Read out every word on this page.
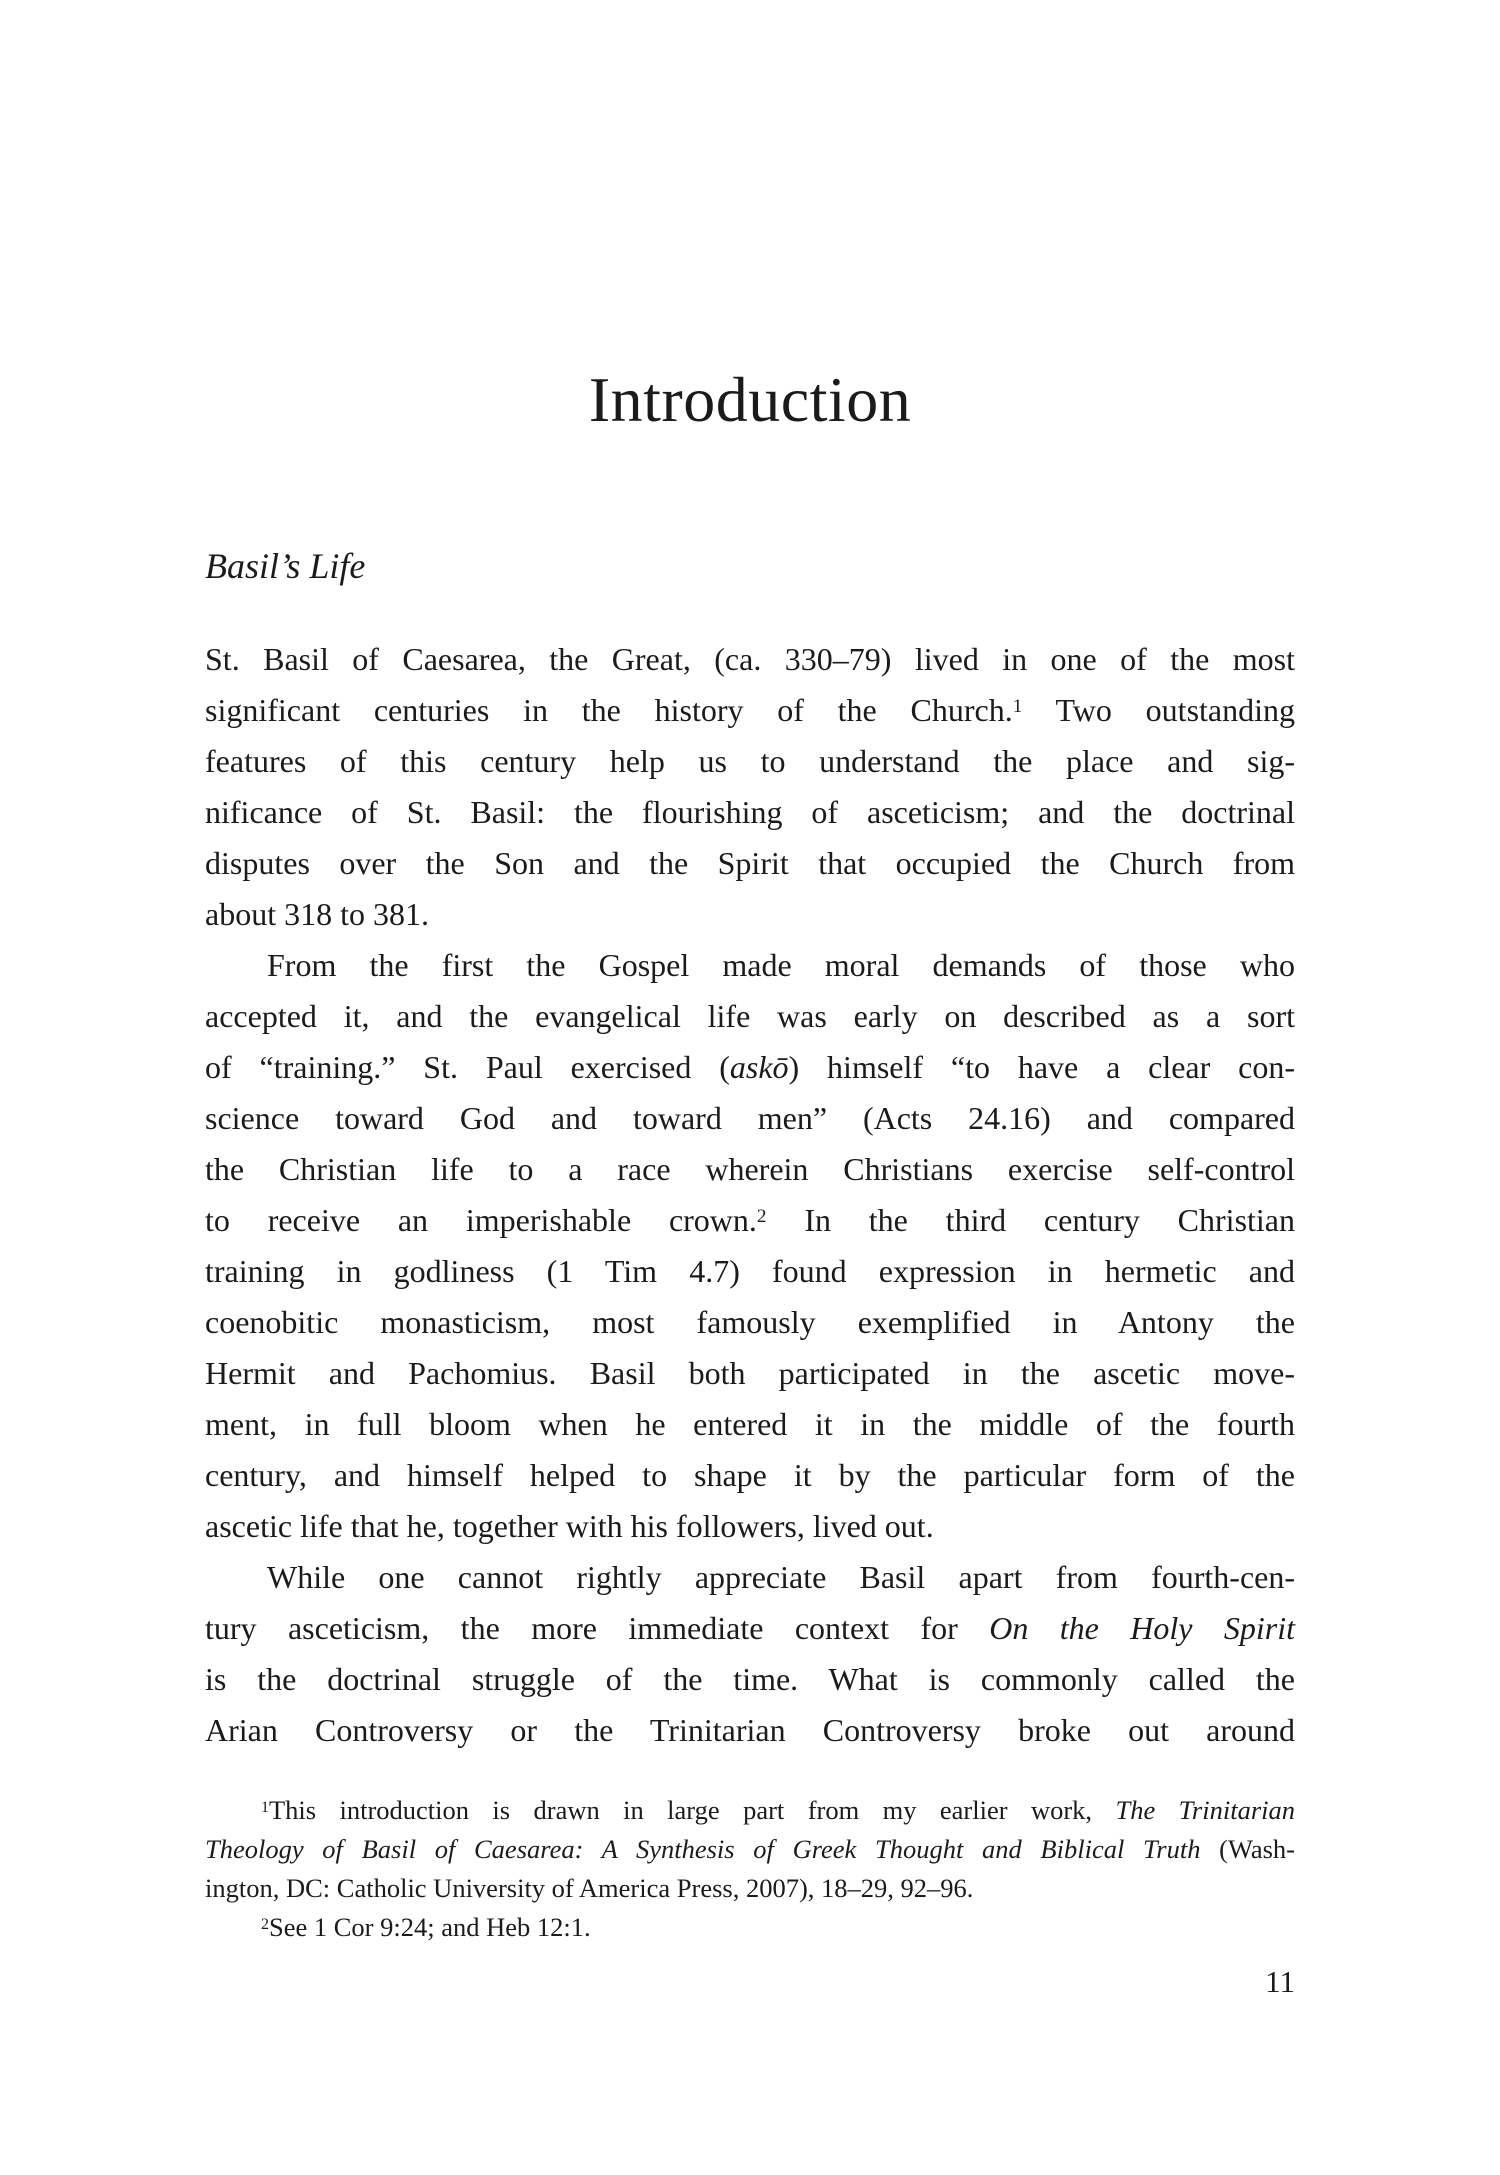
Introduction
Basil’s Life
St. Basil of Caesarea, the Great, (ca. 330–79) lived in one of the most
significant centuries in the history of the Church.$^1$ Two outstanding
features of this century help us to understand the place and sig-
nificance of St. Basil: the flourishing of asceticism; and the doctrinal
disputes over the Son and the Spirit that occupied the Church from
about 318 to 381.
From the first the Gospel made moral demands of those who
accepted it, and the evangelical life was early on described as a sort
of “training.” St. Paul exercised (askō) himself “to have a clear con-
science toward God and toward men” (Acts 24.16) and compared
the Christian life to a race wherein Christians exercise self-control
to receive an imperishable crown.$^2$ In the third century Christian
training in godliness (1 Tim 4.7) found expression in hermetic and
coenobitic monasticism, most famously exemplified in Antony the
Hermit and Pachomius. Basil both participated in the ascetic move-
ment, in full bloom when he entered it in the middle of the fourth
century, and himself helped to shape it by the particular form of the
ascetic life that he, together with his followers, lived out.
While one cannot rightly appreciate Basil apart from fourth-cen-
tury asceticism, the more immediate context for On the Holy Spirit
is the doctrinal struggle of the time. What is commonly called the
Arian Controversy or the Trinitarian Controversy broke out around
$^1$This introduction is drawn in large part from my earlier work, The Trinitarian
Theology of Basil of Caesarea: A Synthesis of Greek Thought and Biblical Truth (Wash-
ington, DC: Catholic University of America Press, 2007), 18–29, 92–96.
$^2$See 1 Cor 9:24; and Heb 12:1.
11
